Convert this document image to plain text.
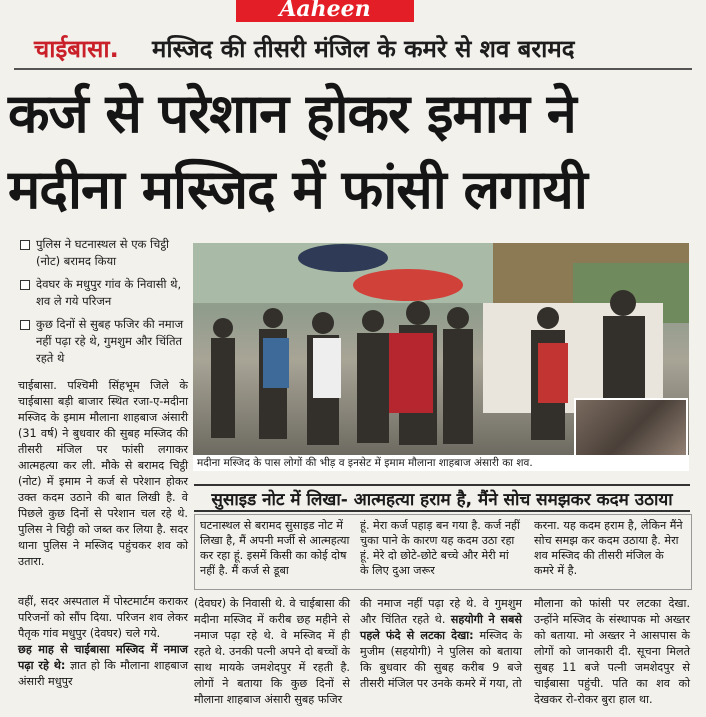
Aaheen
चाईबासा. मस्जिद की तीसरी मंजिल के कमरे से शव बरामद
कर्ज से परेशान होकर इमाम ने
मदीना मस्जिद में फांसी लगायी
पुलिस ने घटनास्थल से एक चिट्ठी (नोट) बरामद किया
देवघर के मधुपुर गांव के निवासी थे, शव ले गये परिजन
कुछ दिनों से सुबह फजिर की नमाज नहीं पढ़ा रहे थे, गुमशुम और चिंतित रहते थे
मदीना मस्जिद के पास लोगों की भीड़ व इनसेट में इमाम मौलाना शाहबाज अंसारी का शव.
चाईबासा. पश्चिमी सिंहभूम जिले के चाईबासा बड़ी बाजार स्थित रजा-ए-मदीना मस्जिद के इमाम मौलाना शाहबाज अंसारी (31 वर्ष) ने बुधवार की सुबह मस्जिद की तीसरी मंजिल पर फांसी लगाकर आत्महत्या कर ली. मौके से बरामद चिट्ठी (नोट) में इमाम ने कर्ज से परेशान होकर उक्त कदम उठाने की बात लिखी है. वे पिछले कुछ दिनों से परेशान चल रहे थे. पुलिस ने चिट्ठी को जब्त कर लिया है. सदर थाना पुलिस ने मस्जिद पहुंचकर शव को उतारा.
वहीं, सदर अस्पताल में पोस्टमार्टम कराकर परिजनों को सौंप दिया. परिजन शव लेकर पैतृक गांव मधुपुर (देवघर) चले गये.
छह माह से चाईबासा मस्जिद में नमाज पढ़ा रहे थे: ज्ञात हो कि मौलाना शाहबाज अंसारी मधुपुर
सुसाइड नोट में लिखा- आत्महत्या हराम है, मैंने सोच समझकर कदम उठाया
घटनास्थल से बरामद सुसाइड नोट में लिखा है, मैं अपनी मर्जी से आत्महत्या कर रहा हूं. इसमें किसी का कोई दोष नहीं है. मैं कर्ज से डूबा
हूं. मेरा कर्ज पहाड़ बन गया है. कर्ज नहीं चुका पाने के कारण यह कदम उठा रहा हूं. मेरे दो छोटे-छोटे बच्चे और मेरी मां के लिए दुआ जरूर
करना. यह कदम हराम है, लेकिन मैंने सोच समझ कर कदम उठाया है. मेरा शव मस्जिद की तीसरी मंजिल के कमरे में है.
(देवघर) के निवासी थे. वे चाईबासा की मदीना मस्जिद में करीब छह महीने से नमाज पढ़ा रहे थे. वे मस्जिद में ही रहते थे. उनकी पत्नी अपने दो बच्चों के साथ मायके जमशेदपुर में रहती है. लोगों ने बताया कि कुछ दिनों से मौलाना शाहबाज अंसारी सुबह फजिर
की नमाज नहीं पढ़ा रहे थे. वे गुमशुम और चिंतित रहते थे. सहयोगी ने सबसे पहले फंदे से लटका देखा: मस्जिद के मुजीम (सहयोगी) ने पुलिस को बताया कि बुधवार की सुबह करीब 9 बजे तीसरी मंजिल पर उनके कमरे में गया, तो
मौलाना को फांसी पर लटका देखा. उन्होंने मस्जिद के संस्थापक मो अख्तर को बताया. मो अख्तर ने आसपास के लोगों को जानकारी दी. सूचना मिलते सुबह 11 बजे पत्नी जमशेदपुर से चाईबासा पहुंची. पति का शव को देखकर रो-रोकर बुरा हाल था.
